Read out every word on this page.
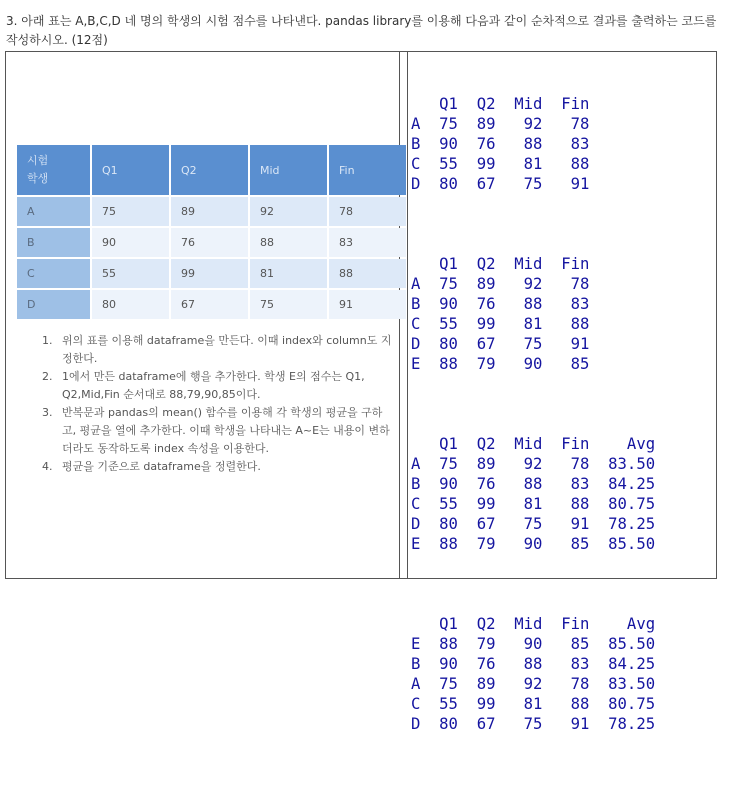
3. 아래 표는 A,B,C,D 네 명의 학생의 시험 점수를 나타낸다. pandas library를 이용해 다음과 같이 순차적으로 결과를 출력하는 코드를 작성하시오. (12점)
시험
학생	Q1	Q2	Mid	Fin
A	75	89	92	78
B	90	76	88	83
C	55	99	81	88
D	80	67	75	91
1. 위의 표를 이용해 dataframe을 만든다. 이때 index와 column도 지정한다.
2. 1에서 만든 dataframe에 행을 추가한다. 학생 E의 점수는 Q1, Q2,Mid,Fin 순서대로 88,79,90,85이다.
3. 반복문과 pandas의 mean() 함수를 이용해 각 학생의 평균을 구하고, 평균을 열에 추가한다. 이때 학생을 나타내는 A~E는 내용이 변하더라도 동작하도록 index 속성을 이용한다.
4. 평균을 기준으로 dataframe을 정렬한다.

Q1  Q2  Mid  Fin
A  75  89   92   78
B  90  76   88   83
C  55  99   81   88
D  80  67   75   91

Q1  Q2  Mid  Fin
A  75  89   92   78
B  90  76   88   83
C  55  99   81   88
D  80  67   75   91
E  88  79   90   85

Q1  Q2  Mid  Fin    Avg
A  75  89   92   78  83.50
B  90  76   88   83  84.25
C  55  99   81   88  80.75
D  80  67   75   91  78.25
E  88  79   90   85  85.50

Q1  Q2  Mid  Fin    Avg
E  88  79   90   85  85.50
B  90  76   88   83  84.25
A  75  89   92   78  83.50
C  55  99   81   88  80.75
D  80  67   75   91  78.25
